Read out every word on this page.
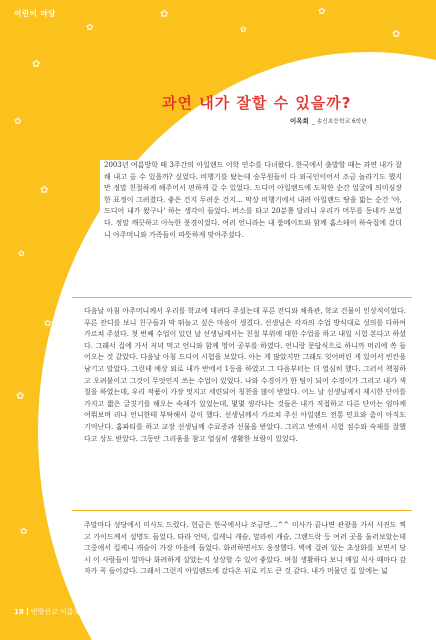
어린이 마당
✿
✿
✿
✿
✿
✿
✿
✿
✿
✿
✿
✿
✿
과연 내가 잘할 수 있을까?
이옥희 _ 송신초등학교 6학년

2003년 여름방학 때 3주간의 아일랜드 어학 연수를 다녀왔다. 한국에서 출발할 때는 과연 내가 잘해 내고 올 수 있을까? 싶었다. 비행기를 탔는데 승무원들이 다 외국인이어서 조금 놀라기도 했지만 정말 친절하게 해주어서 편하게 갈 수 있었다. 드디어 아일랜드에 도착한 순간 얼굴에 의미심장한 표정이 그려졌다. 좋은 건지 두려운 건지… 막상 비행기에서 내려 아일랜드 땅을 밟는 순간 '아, 드디어 내가 왔구나' 하는 생각이 들었다. 버스를 타고 20분쯤 달리니 우리가 머무를 동네가 보였다. 정말 깨끗하고 아늑한 풍경이었다. 여러 언니라는 내 룸메이트와 함께 홈스테이 하숙집에 갔더니 아주머니와 가족들이 따뜻하게 맞아주셨다.

다음날 아침 아주머니께서 우리를 학교에 데려다 주셨는데 푸른 잔디와 체육관, 학교 건물이 인상적이었다. 푸른 잔디를 보니 친구들과 막 뛰놀고 싶은 마음이 생겼다. 선생님은 각자의 수업 방식대로 성의를 다하여 가르쳐 주셨다. 첫 번째 수업이 있던 날 선생님께서는 친절 부위에 대한 수업을 하고 내일 시험 본다고 하셨다. 그래서 집에 가서 저녁 먹고 언니와 함께 영어 공부를 하였다. 언니랑 문답식으로 하니까 머리에 쏙 들어오는 것 같았다. 다음날 아침 드디어 시험을 보았다. 아는 게 많았지만 그래도 잊어버린 게 있어서 빈칸을 남기고 말았다. 그런데 예상 외로 내가 반에서 1등을 하였고 그 다음부터는 더 열심히 했다. 그러서 책침하고 오려붙이고 그것이 무엇인지 쓰는 수업이 있었다. 나와 수경이가 한 팀이 되어 수경이가 그리고 내가 색칠을 하였는데, 우리 작품이 가장 멋지고 세련되어 칭찬을 많이 받았다. 어느 날 선생님께서 제시한 단어를 가지고 짧은 글짓기를 해오는 숙제가 있었는데, 몇몇 생각나는 것들은 내가 직접하고 다른 단어는 엄마께 여쭤보며 리나 언니한테 부탁해서 같이 했다. 선생님께서 가르쳐 주신 아일랜드 전통 민요와 춤이 아직도 기억난다. 홈파티를 하고 교장 선생님께 수료증과 선물을 받았다. 그리고 반에서 시험 점수와 숙제를 잘했다고 상도 받았다. 그동안 그리움을 참고 열심히 생활한 보람이 있었다.

주말마다 성당에서 미사도 드렸다. 헌금은 한국에서나 조금만…^^ 미사가 끝나면 관광을 가서 사진도 찍고 가이드께서 설명도 들었다. 타라 언덕, 킬케니 캐슬, 말라히 캐슬, 그랜드락 등 여러 곳을 둘러보았는데 그중에서 킬케니 캐슬이 가장 마음에 들었다. 화려하면서도 웅장했다. 벽에 걸려 있는 초상화를 보면서 당시 이 사람들이 얼마나 화려하게 살았는지 상상할 수 있어 좋았다. 며칠 생활하다 보니 매일 식사 때마다 감자가 꼭 들어갔다. 그래서 그런지 아일랜드에 갔다온 뒤로 키도 큰 것 같다. 내가 머물던 집 앞에는 넓

18 변방선교 어름호
